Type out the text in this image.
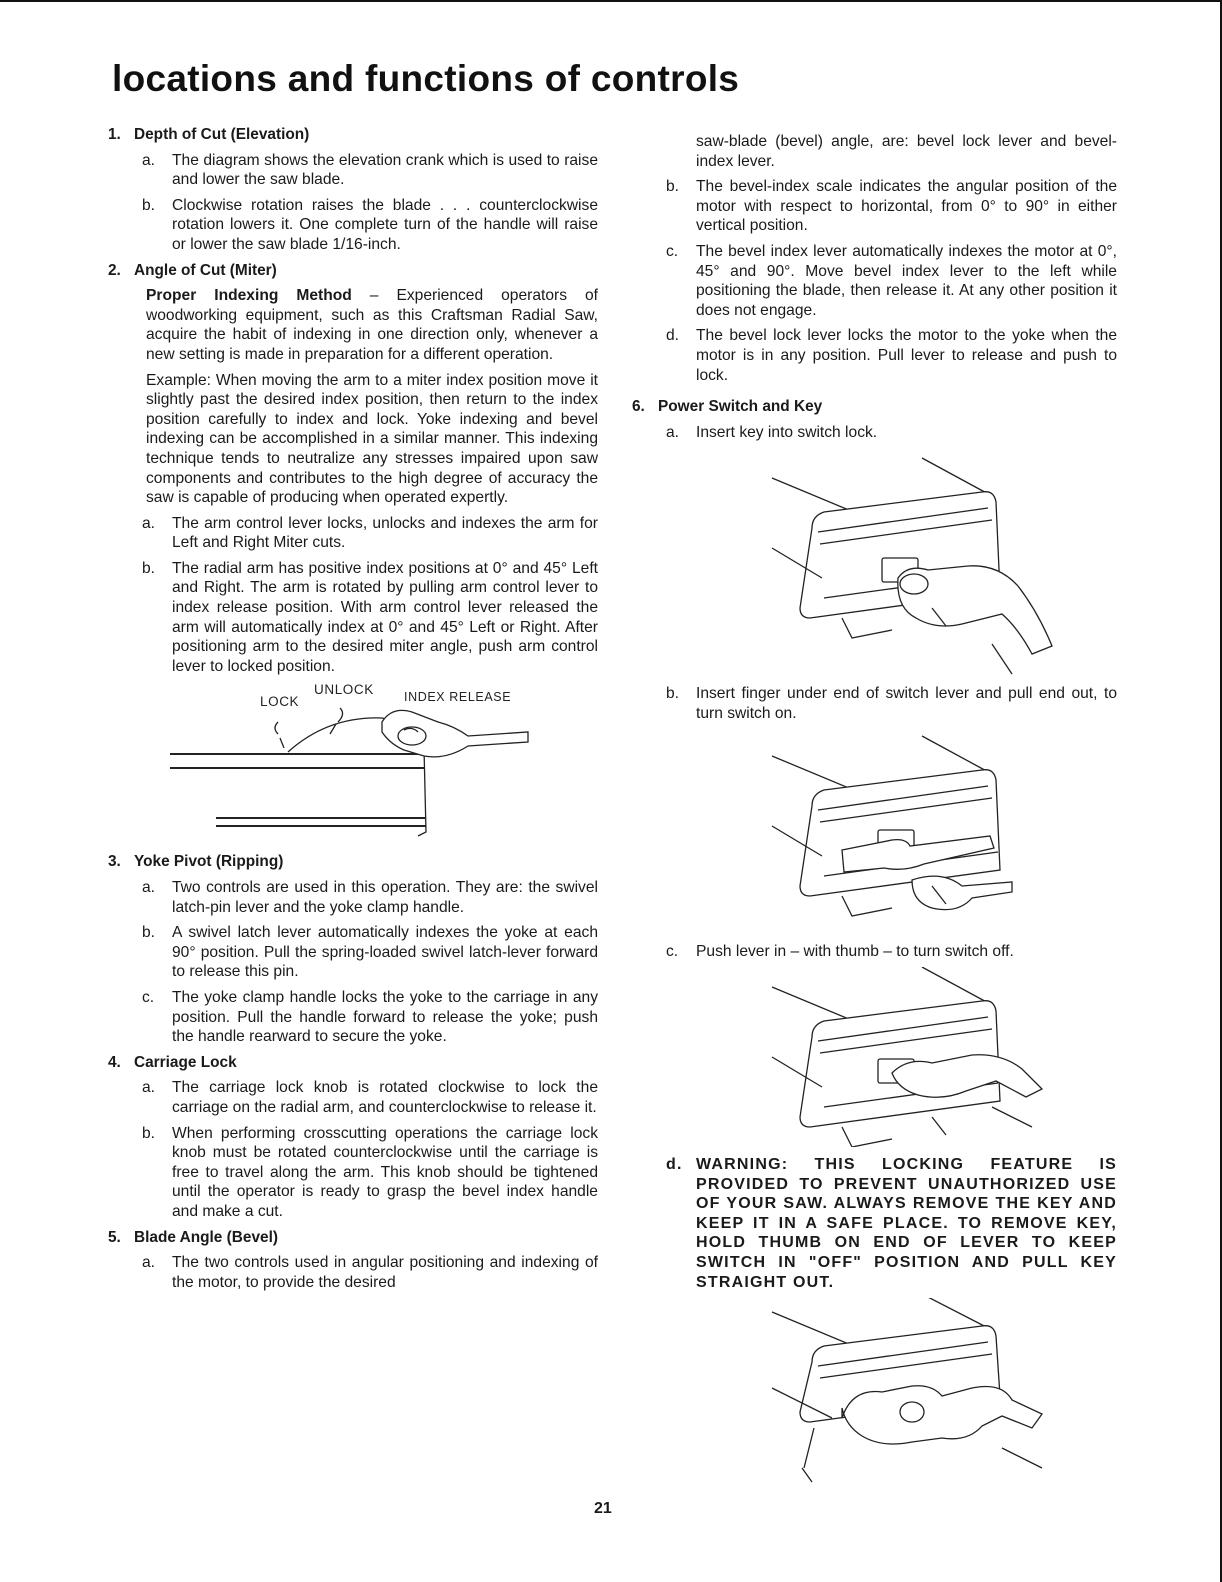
locations and functions of controls
1. Depth of Cut (Elevation)
a.	The diagram shows the elevation crank which is used to raise and lower the saw blade.
b.	Clockwise rotation raises the blade . . . counterclockwise rotation lowers it. One complete turn of the handle will raise or lower the saw blade 1/16-inch.
2. Angle of Cut (Miter)
Proper Indexing Method – Experienced operators of woodworking equipment, such as this Craftsman Radial Saw, acquire the habit of indexing in one direction only, whenever a new setting is made in preparation for a different operation.
Example: When moving the arm to a miter index position move it slightly past the desired index position, then return to the index position carefully to index and lock. Yoke indexing and bevel indexing can be accomplished in a similar manner. This indexing technique tends to neutralize any stresses impaired upon saw components and contributes to the high degree of accuracy the saw is capable of producing when operated expertly.
a.	The arm control lever locks, unlocks and indexes the arm for Left and Right Miter cuts.
b.	The radial arm has positive index positions at 0° and 45° Left and Right. The arm is rotated by pulling arm control lever to index release position. With arm control lever released the arm will automatically index at 0° and 45° Left or Right. After positioning arm to the desired miter angle, push arm control lever to locked position.
LOCK
UNLOCK INDEX RELEASE
3. Yoke Pivot (Ripping)
a.	Two controls are used in this operation. They are: the swivel latch-pin lever and the yoke clamp handle.
b.	A swivel latch lever automatically indexes the yoke at each 90° position. Pull the spring-loaded swivel latch-lever forward to release this pin.
c.	The yoke clamp handle locks the yoke to the carriage in any position. Pull the handle forward to release the yoke; push the handle rearward to secure the yoke.
4. Carriage Lock
a.	The carriage lock knob is rotated clockwise to lock the carriage on the radial arm, and counterclockwise to release it.
b.	When performing crosscutting operations the carriage lock knob must be rotated counterclockwise until the carriage is free to travel along the arm. This knob should be tightened until the operator is ready to grasp the bevel index handle and make a cut.
5. Blade Angle (Bevel)
a.	The two controls used in angular positioning and indexing of the motor, to provide the desired
saw-blade (bevel) angle, are: bevel lock lever and bevel-index lever.
b.	The bevel-index scale indicates the angular position of the motor with respect to horizontal, from 0° to 90° in either vertical position.
c.	The bevel index lever automatically indexes the motor at 0°, 45° and 90°. Move bevel index lever to the left while positioning the blade, then release it. At any other position it does not engage.
d.	The bevel lock lever locks the motor to the yoke when the motor is in any position. Pull lever to release and push to lock.
6. Power Switch and Key
a.	Insert key into switch lock.
b.	Insert finger under end of switch lever and pull end out, to turn switch on.
c.	Push lever in – with thumb – to turn switch off.
d. WARNING: THIS LOCKING FEATURE IS PROVIDED TO PREVENT UNAUTHORIZED USE OF YOUR SAW. ALWAYS REMOVE THE KEY AND KEEP IT IN A SAFE PLACE. TO REMOVE KEY, HOLD THUMB ON END OF LEVER TO KEEP SWITCH IN "OFF" POSITION AND PULL KEY STRAIGHT OUT.
21
